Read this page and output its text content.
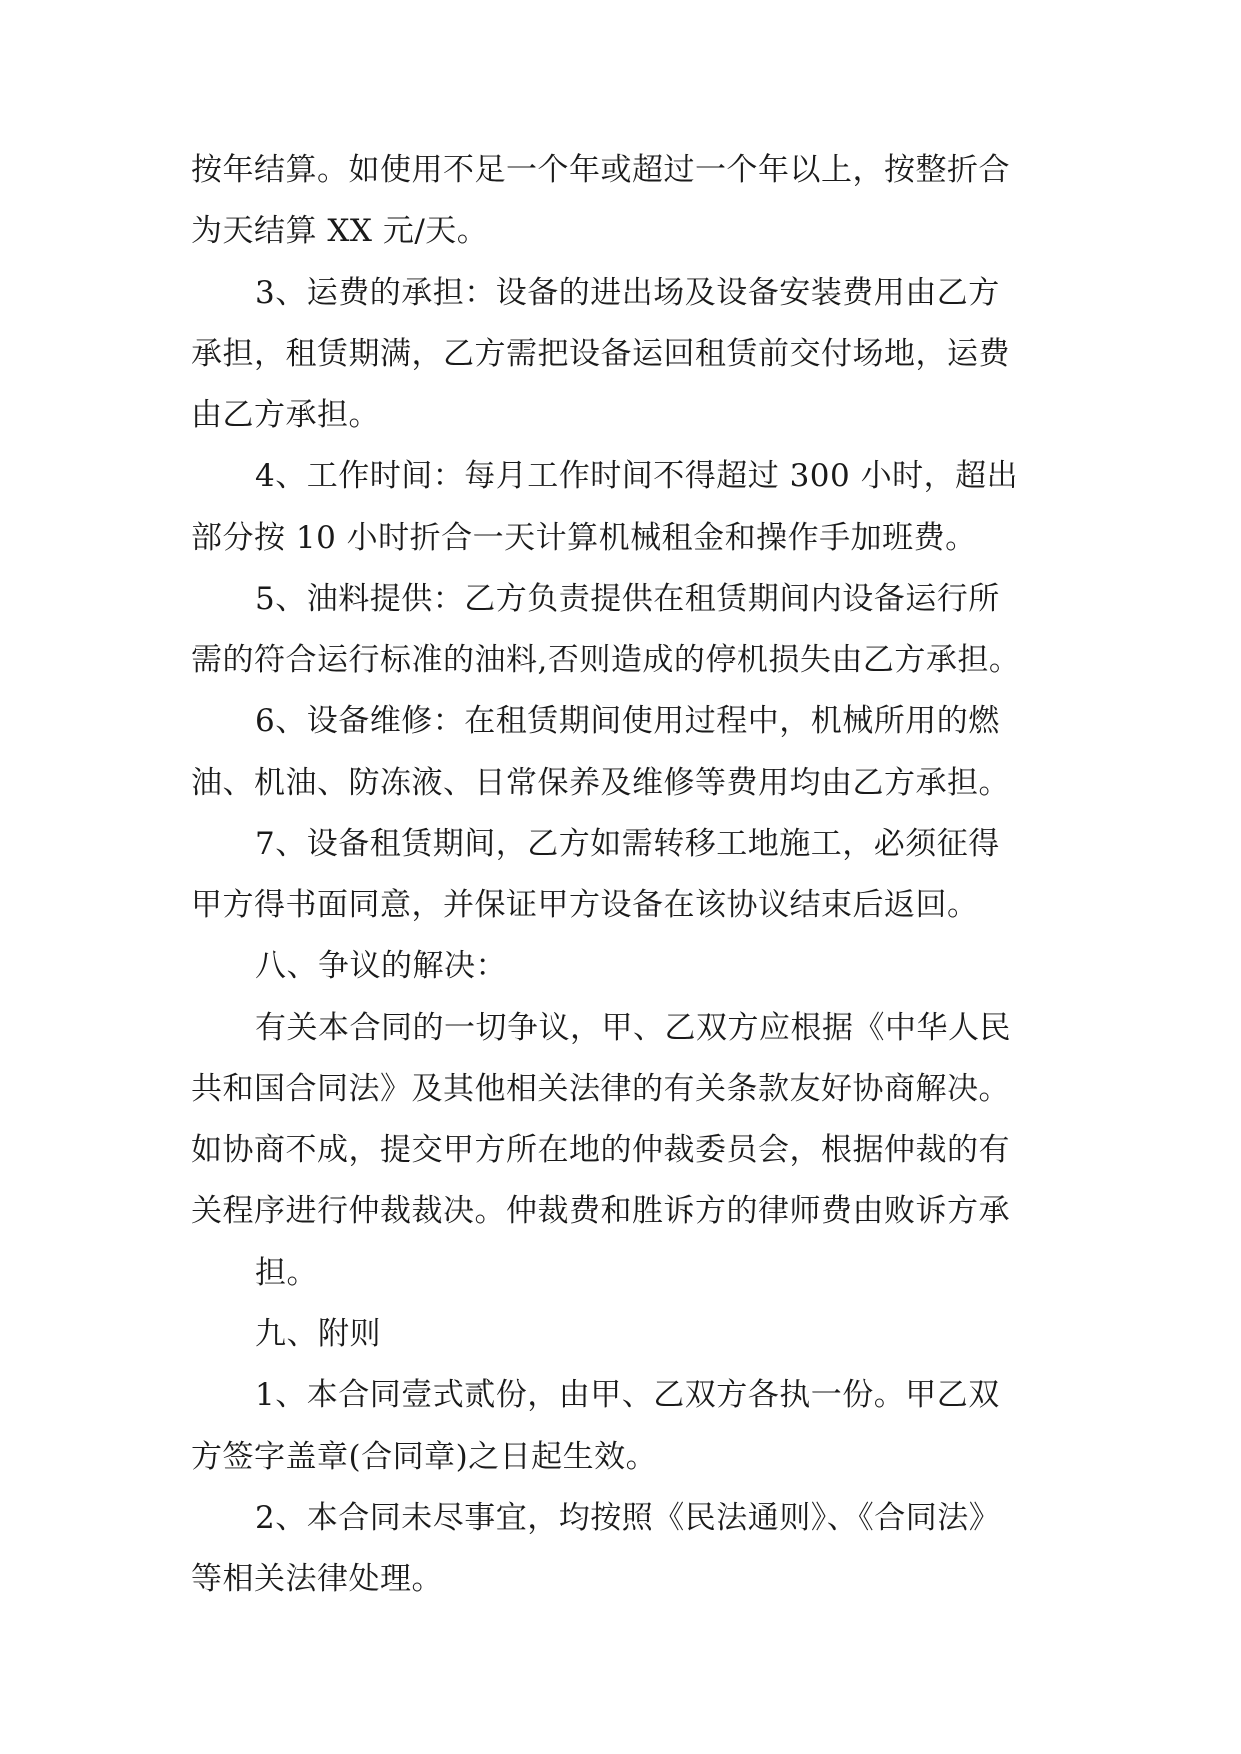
按年结算。如使用不足一个年或超过一个年以上，按整折合
为天结算 XX 元/天。
3、运费的承担：设备的进出场及设备安装费用由乙方
承担，租赁期满，乙方需把设备运回租赁前交付场地，运费
由乙方承担。
4、工作时间：每月工作时间不得超过 300 小时，超出
部分按 10 小时折合一天计算机械租金和操作手加班费。
5、油料提供：乙方负责提供在租赁期间内设备运行所
需的符合运行标准的油料,否则造成的停机损失由乙方承担。
6、设备维修：在租赁期间使用过程中，机械所用的燃
油、机油、防冻液、日常保养及维修等费用均由乙方承担。
7、设备租赁期间，乙方如需转移工地施工，必须征得
甲方得书面同意，并保证甲方设备在该协议结束后返回。
八、争议的解决：
有关本合同的一切争议，甲、乙双方应根据《中华人民
共和国合同法》及其他相关法律的有关条款友好协商解决。
如协商不成，提交甲方所在地的仲裁委员会，根据仲裁的有
关程序进行仲裁裁决。仲裁费和胜诉方的律师费由败诉方承
担。
九、附则
1、本合同壹式贰份，由甲、乙双方各执一份。甲乙双
方签字盖章(合同章)之日起生效。
2、本合同未尽事宜，均按照《民法通则》、《合同法》
等相关法律处理。
